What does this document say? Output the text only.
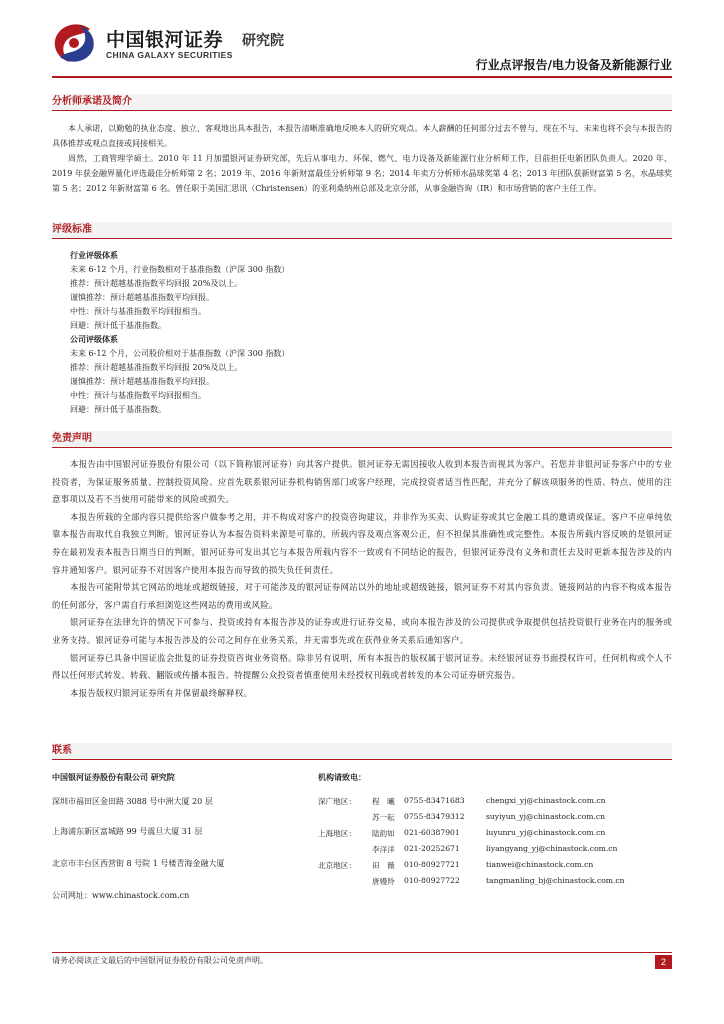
中国银河证券 研究院
CHINA GALAXY SECURITIES
行业点评报告/电力设备及新能源行业
分析师承诺及简介

本人承诺，以勤勉的执业态度、独立、客观地出具本报告，本报告清晰准确地反映本人的研究观点。本人薪酬的任何部分过去不曾与、现在不与、未来也将不会与本报告的具体推荐或观点直接或间接相关。

周然，工商管理学硕士。2010 年 11 月加盟银河证券研究部，先后从事电力、环保、燃气、电力设备及新能源行业分析师工作，目前担任电新团队负责人。2020 年、2019 年获金融界量化评选最佳分析师第 2 名；2019 年、2016 年新财富最佳分析师第 9 名；2014 年卖方分析师水晶球奖第 4 名；2013 年团队获新财富第 5 名，水晶球奖第 5 名；2012 年新财富第 6 名。曾任职于美国汇思讯（Christensen）的亚利桑纳州总部及北京分部，从事金融咨询（IR）和市场营销的客户主任工作。

评级标准
行业评级体系
未来 6-12 个月，行业指数相对于基准指数（沪深 300 指数）
推荐：预计超越基准指数平均回报 20%及以上。
谨慎推荐：预计超越基准指数平均回报。
中性：预计与基准指数平均回报相当。
回避：预计低于基准指数。
公司评级体系
未来 6-12 个月，公司股价相对于基准指数（沪深 300 指数）
推荐：预计超越基准指数平均回报 20%及以上。
谨慎推荐：预计超越基准指数平均回报。
中性：预计与基准指数平均回报相当。
回避：预计低于基准指数。
免责声明

本报告由中国银河证券股份有限公司（以下简称银河证券）向其客户提供。银河证券无需因接收人收到本报告而视其为客户。若您并非银河证券客户中的专业投资者，为保证服务质量、控制投资风险、应首先联系银河证券机构销售部门或客户经理，完成投资者适当性匹配，并充分了解该项服务的性质、特点、使用的注意事项以及若不当使用可能带来的风险或损失。

本报告所载的全部内容只提供给客户做参考之用，并不构成对客户的投资咨询建议，并非作为买卖、认购证券或其它金融工具的邀请或保证。客户不应单纯依靠本报告而取代自我独立判断。银河证券认为本报告资料来源是可靠的，所载内容及观点客观公正，但不担保其准确性或完整性。本报告所载内容反映的是银河证券在最初发表本报告日期当日的判断，银河证券可发出其它与本报告所载内容不一致或有不同结论的报告，但银河证券没有义务和责任去及时更新本报告涉及的内容并通知客户。银河证券不对因客户使用本报告而导致的损失负任何责任。

本报告可能附带其它网站的地址或超级链接，对于可能涉及的银河证券网站以外的地址或超级链接，银河证券不对其内容负责。链接网站的内容不构成本报告的任何部分，客户需自行承担浏览这些网站的费用或风险。

银河证券在法律允许的情况下可参与、投资或持有本报告涉及的证券或进行证券交易，或向本报告涉及的公司提供或争取提供包括投资银行业务在内的服务或业务支持。银河证券可能与本报告涉及的公司之间存在业务关系，并无需事先或在获得业务关系后通知客户。

银河证券已具备中国证监会批复的证券投资咨询业务资格。除非另有说明，所有本报告的版权属于银河证券。未经银河证券书面授权许可，任何机构或个人不得以任何形式转发、转载、翻版或传播本报告。特提醒公众投资者慎重使用未经授权刊载或者转发的本公司证券研究报告。

本报告版权归银河证券所有并保留最终解释权。

联系
中国银河证券股份有限公司 研究院	机构请致电：
深圳市福田区金田路 3088 号中洲大厦 20 层
上海浦东新区富城路 99 号震旦大厦 31 层
北京市丰台区西营街 8 号院 1 号楼青海金融大厦
公司网址：www.chinastock.com.cn
深广地区： 程　曦 0755-83471683	chengxi_yj@chinastock.com.cn
苏一耘 0755-83479312	suyiyun_yj@chinastock.com.cn
上海地区： 陆韵如 021-60387901	luyunru_yj@chinastock.com.cn
李洋洋 021-20252671	liyangyang_yj@chinastock.com.cn
北京地区： 田　薇 010-80927721	tianwei@chinastock.com.cn
唐嫚羚 010-80927722	tangmanling_bj@chinastock.com.cn
请务必阅读正文最后的中国银河证券股份有限公司免责声明。	2
